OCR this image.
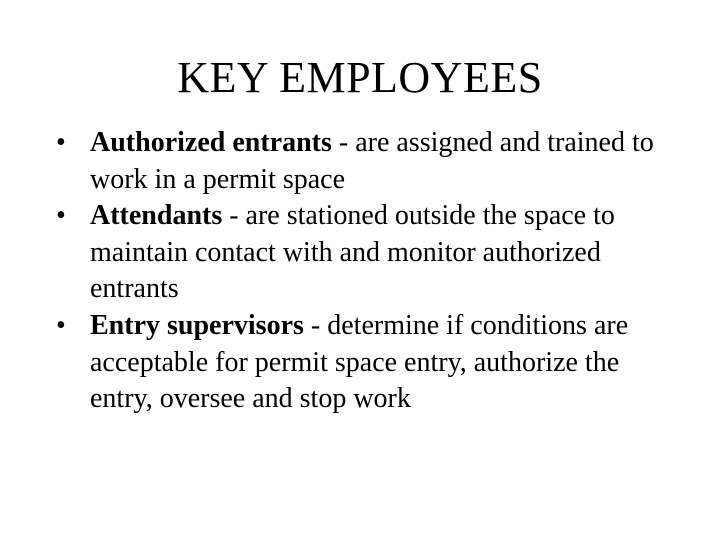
KEY EMPLOYEES
• Authorized entrants - are assigned and trained to work in a permit space
• Attendants - are stationed outside the space to maintain contact with and monitor authorized entrants
• Entry supervisors - determine if conditions are acceptable for permit space entry, authorize the entry, oversee and stop work
